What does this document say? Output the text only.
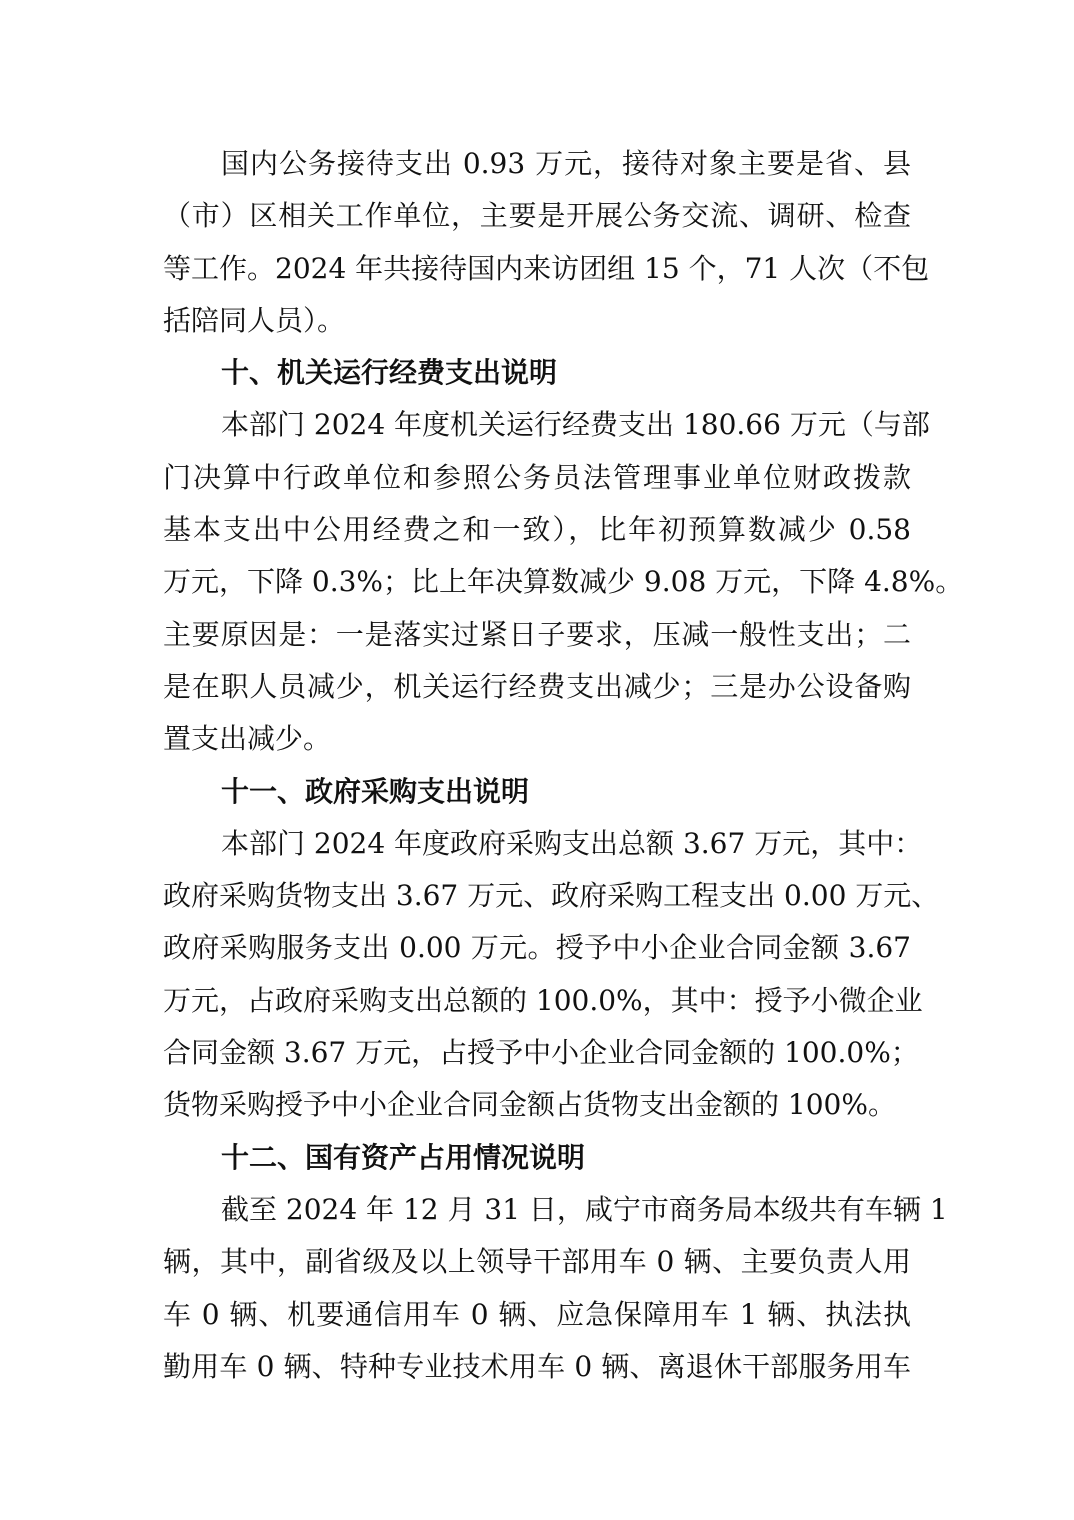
国内公务接待支出 0.93 万元，接待对象主要是省、县
（市）区相关工作单位，主要是开展公务交流、调研、检查
等工作。2024 年共接待国内来访团组 15 个，71 人次（不包
括陪同人员）。
十、机关运行经费支出说明
本部门 2024 年度机关运行经费支出 180.66 万元（与部
门决算中行政单位和参照公务员法管理事业单位财政拨款
基本支出中公用经费之和一致），比年初预算数减少 0.58
万元，下降 0.3%；比上年决算数减少 9.08 万元，下降 4.8%。
主要原因是：一是落实过紧日子要求，压减一般性支出；二
是在职人员减少，机关运行经费支出减少；三是办公设备购
置支出减少。
十一、政府采购支出说明
本部门 2024 年度政府采购支出总额 3.67 万元，其中：
政府采购货物支出 3.67 万元、政府采购工程支出 0.00 万元、
政府采购服务支出 0.00 万元。授予中小企业合同金额 3.67
万元，占政府采购支出总额的 100.0%，其中：授予小微企业
合同金额 3.67 万元，占授予中小企业合同金额的 100.0%；
货物采购授予中小企业合同金额占货物支出金额的 100%。
十二、国有资产占用情况说明
截至 2024 年 12 月 31 日，咸宁市商务局本级共有车辆 1
辆，其中，副省级及以上领导干部用车 0 辆、主要负责人用
车 0 辆、机要通信用车 0 辆、应急保障用车 1 辆、执法执
勤用车 0 辆、特种专业技术用车 0 辆、离退休干部服务用车
